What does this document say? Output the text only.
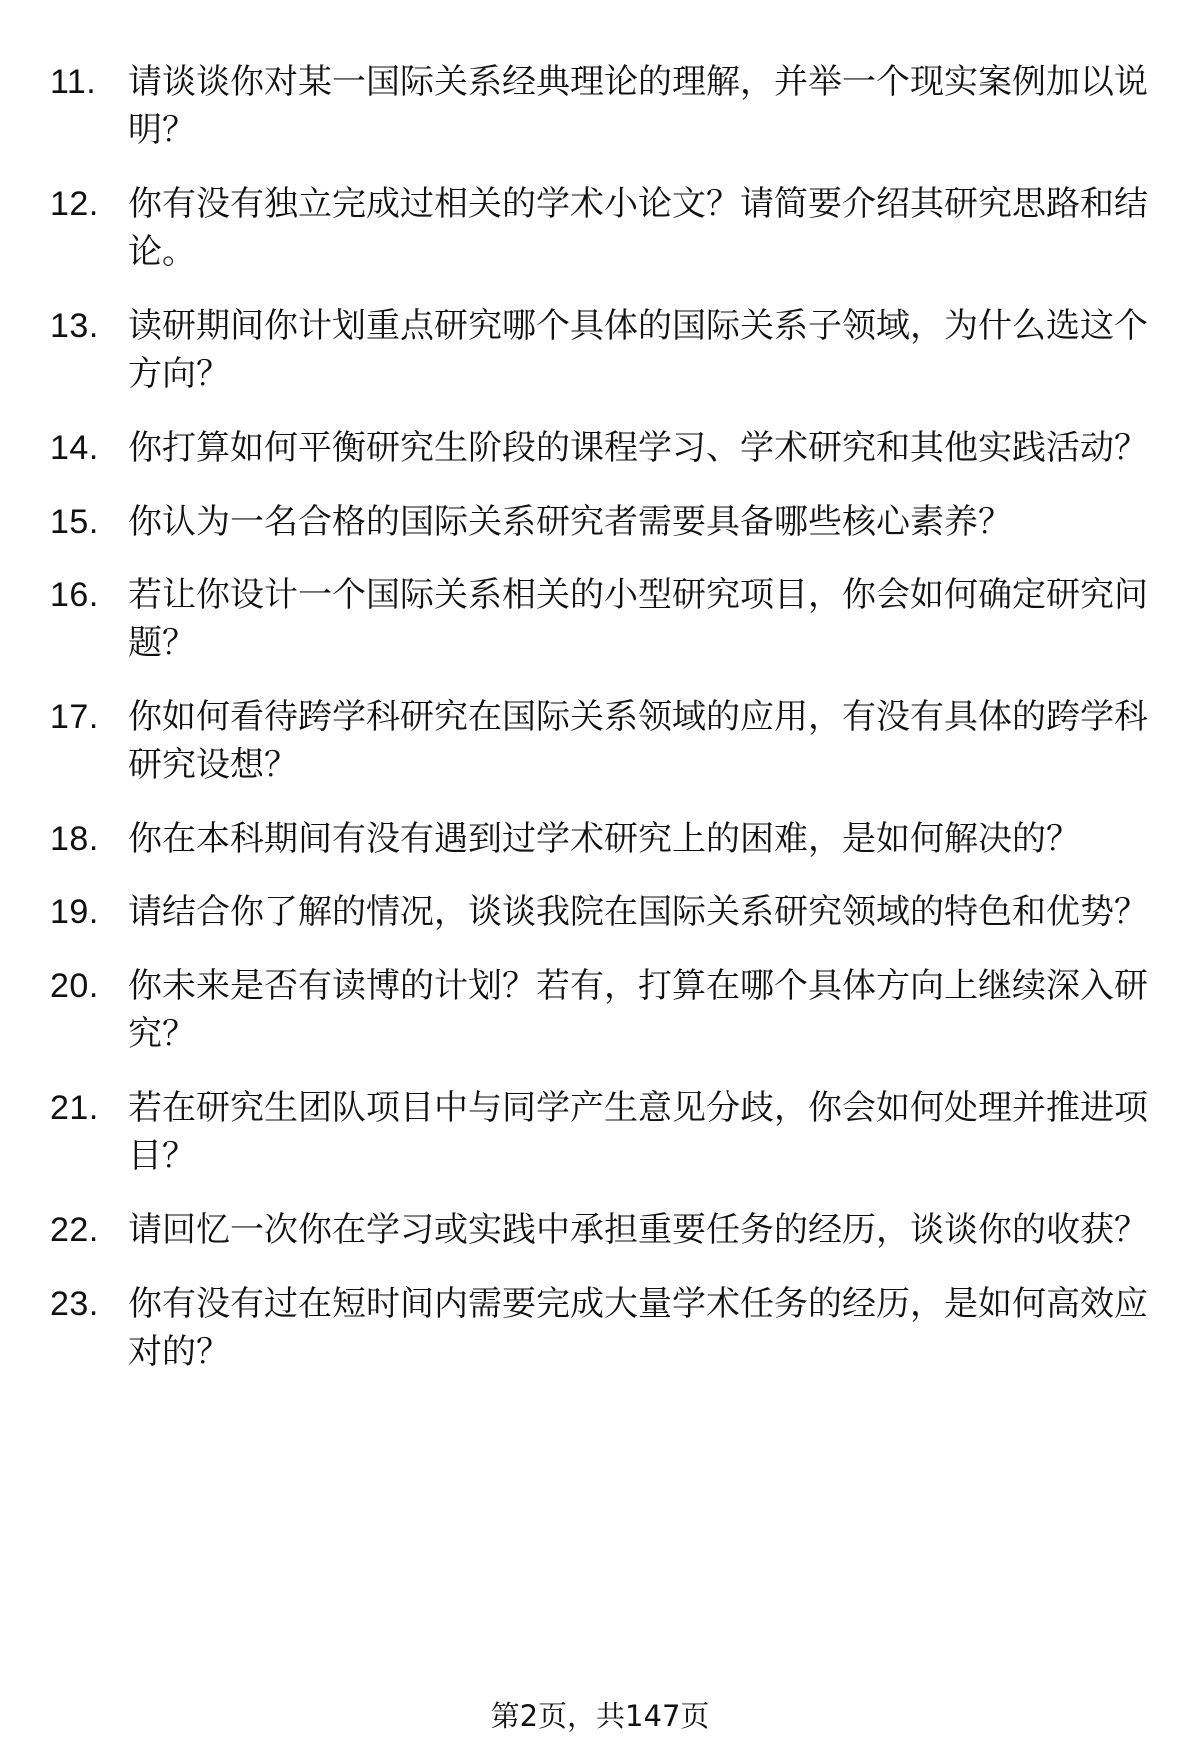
11. 请谈谈你对某一国际关系经典理论的理解，并举一个现实案例加以说明？
12. 你有没有独立完成过相关的学术小论文？请简要介绍其研究思路和结论。
13. 读研期间你计划重点研究哪个具体的国际关系子领域，为什么选这个方向？
14. 你打算如何平衡研究生阶段的课程学习、学术研究和其他实践活动？
15. 你认为一名合格的国际关系研究者需要具备哪些核心素养？
16. 若让你设计一个国际关系相关的小型研究项目，你会如何确定研究问题？
17. 你如何看待跨学科研究在国际关系领域的应用，有没有具体的跨学科研究设想？
18. 你在本科期间有没有遇到过学术研究上的困难，是如何解决的？
19. 请结合你了解的情况，谈谈我院在国际关系研究领域的特色和优势？
20. 你未来是否有读博的计划？若有，打算在哪个具体方向上继续深入研究？
21. 若在研究生团队项目中与同学产生意见分歧，你会如何处理并推进项目？
22. 请回忆一次你在学习或实践中承担重要任务的经历，谈谈你的收获？
23. 你有没有过在短时间内需要完成大量学术任务的经历，是如何高效应对的？
第2页，共147页
